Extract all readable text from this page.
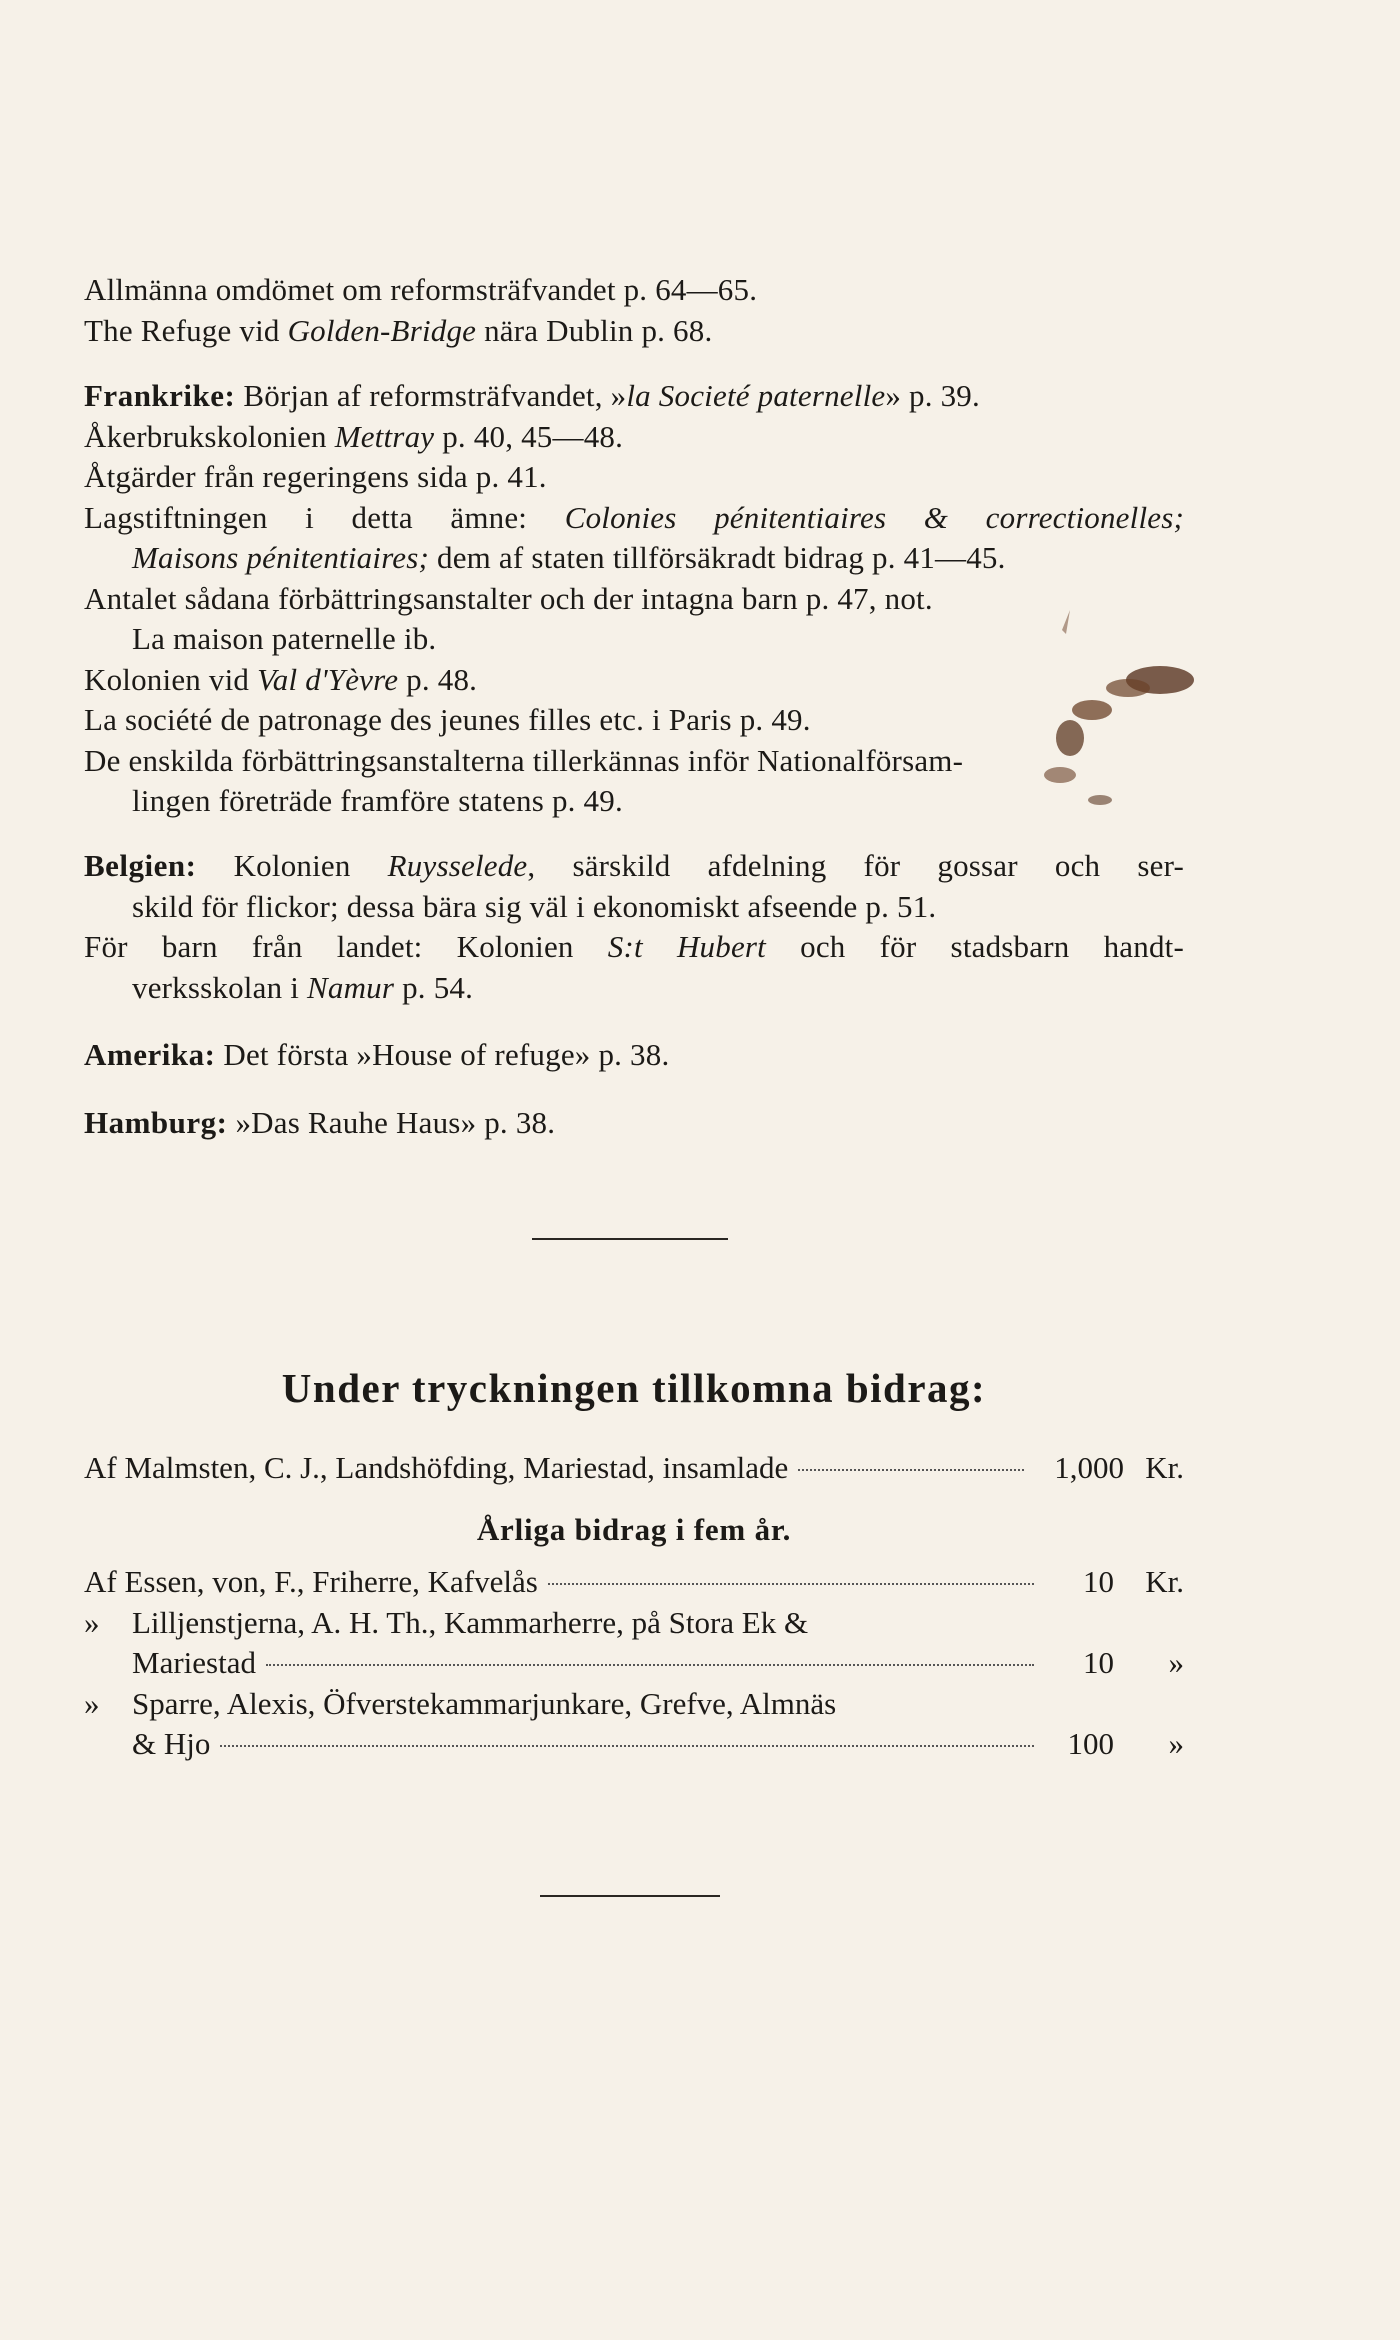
Allmänna omdömet om reformsträfvandet p. 64—65.
The Refuge vid Golden-Bridge nära Dublin p. 68.
Frankrike: Början af reformsträfvandet, »la Societé paternelle» p. 39.
Åkerbrukskolonien Mettray p. 40, 45—48.
Åtgärder från regeringens sida p. 41.
Lagstiftningen i detta ämne: Colonies pénitentiaires & correctionelles;
Maisons pénitentiaires; dem af staten tillförsäkradt bidrag p. 41—45.
Antalet sådana förbättringsanstalter och der intagna barn p. 47, not.
La maison paternelle ib.
Kolonien vid Val d'Yèvre p. 48.
La société de patronage des jeunes filles etc. i Paris p. 49.
De enskilda förbättringsanstalterna tillerkännas inför Nationalförsam-
lingen företräde framföre statens p. 49.
Belgien: Kolonien Ruysselede, särskild afdelning för gossar och ser-
skild för flickor; dessa bära sig väl i ekonomiskt afseende p. 51.
För barn från landet: Kolonien S:t Hubert och för stadsbarn handt-
verksskolan i Namur p. 54.
Amerika: Det första »House of refuge» p. 38.
Hamburg: »Das Rauhe Haus» p. 38.
Under tryckningen tillkomna bidrag:
Af Malmsten, C. J., Landshöfding, Mariestad, insamlade	1,000 Kr.
Årliga bidrag i fem år.
Af Essen, von, F., Friherre, Kafvelås	10	Kr.
»	Lilljenstjerna, A. H. Th., Kammarherre, på Stora Ek &
Mariestad	10	»
»	Sparre, Alexis, Öfverstekammarjunkare, Grefve, Almnäs
& Hjo	100	»
